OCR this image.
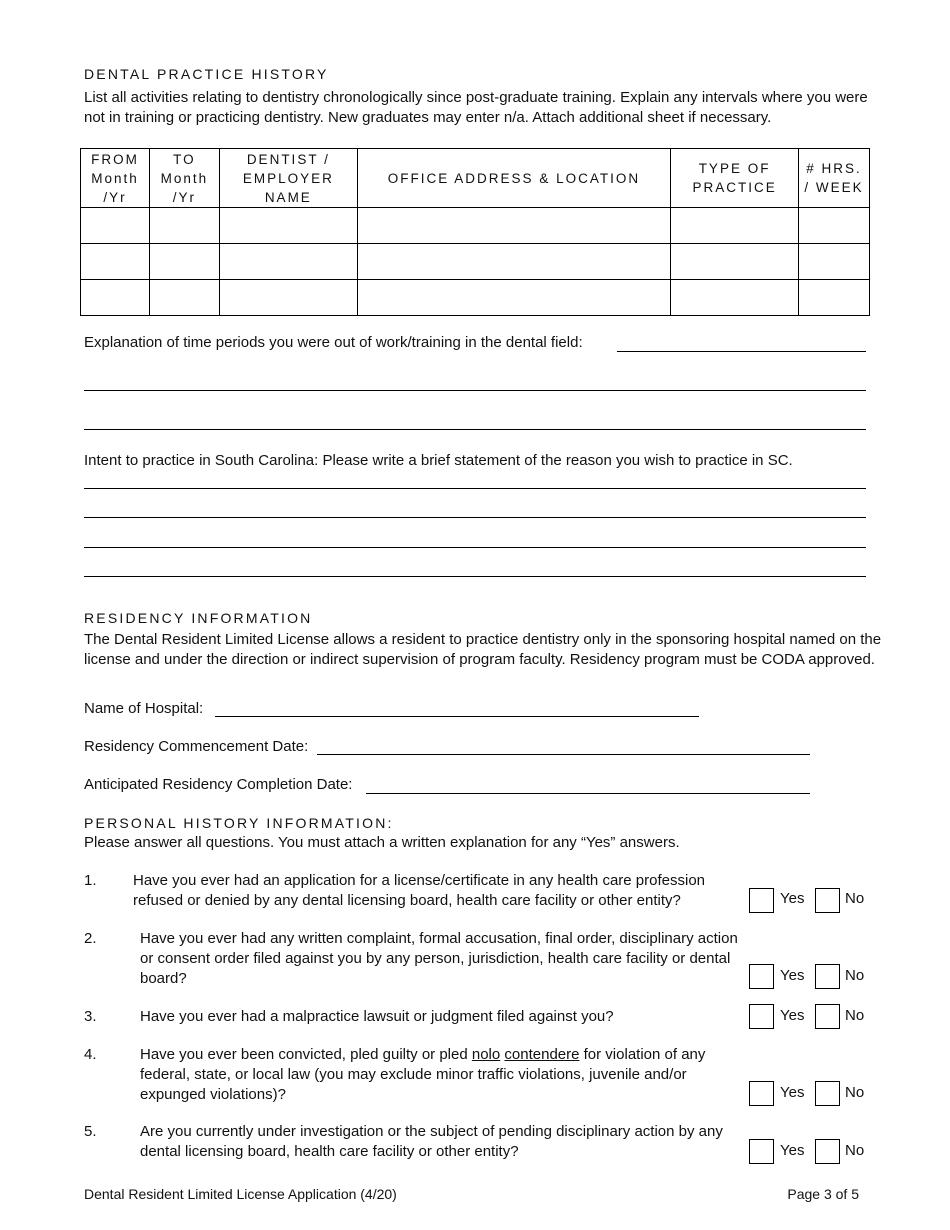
DENTAL PRACTICE HISTORY
List all activities relating to dentistry chronologically since post-graduate training. Explain any intervals where you were not in training or practicing dentistry. New graduates may enter n/a. Attach additional sheet if necessary.
FROM Month /Yr	TO Month /Yr	DENTIST / EMPLOYER NAME	OFFICE ADDRESS & LOCATION	TYPE OF PRACTICE	# HRS. / WEEK

Explanation of time periods you were out of work/training in the dental field:
Intent to practice in South Carolina: Please write a brief statement of the reason you wish to practice in SC.
RESIDENCY INFORMATION
The Dental Resident Limited License allows a resident to practice dentistry only in the sponsoring hospital named on the license and under the direction or indirect supervision of program faculty. Residency program must be CODA approved.
Name of Hospital:
Residency Commencement Date:
Anticipated Residency Completion Date:
PERSONAL HISTORY INFORMATION:
Please answer all questions. You must attach a written explanation for any “Yes” answers.
1. Have you ever had an application for a license/certificate in any health care profession refused or denied by any dental licensing board, health care facility or other entity?	Yes	No
2.	Have you ever had any written complaint, formal accusation, final order, disciplinary action or consent order filed against you by any person, jurisdiction, health care facility or dental board?	Yes	No
3.	Have you ever had a malpractice lawsuit or judgment filed against you?	Yes	No
4.	Have you ever been convicted, pled guilty or pled nolo contendere for violation of any federal, state, or local law (you may exclude minor traffic violations, juvenile and/or expunged violations)?	Yes	No
5.	Are you currently under investigation or the subject of pending disciplinary action by any dental licensing board, health care facility or other entity?	Yes	No
Dental Resident Limited License Application (4/20)	Page 3 of 5
